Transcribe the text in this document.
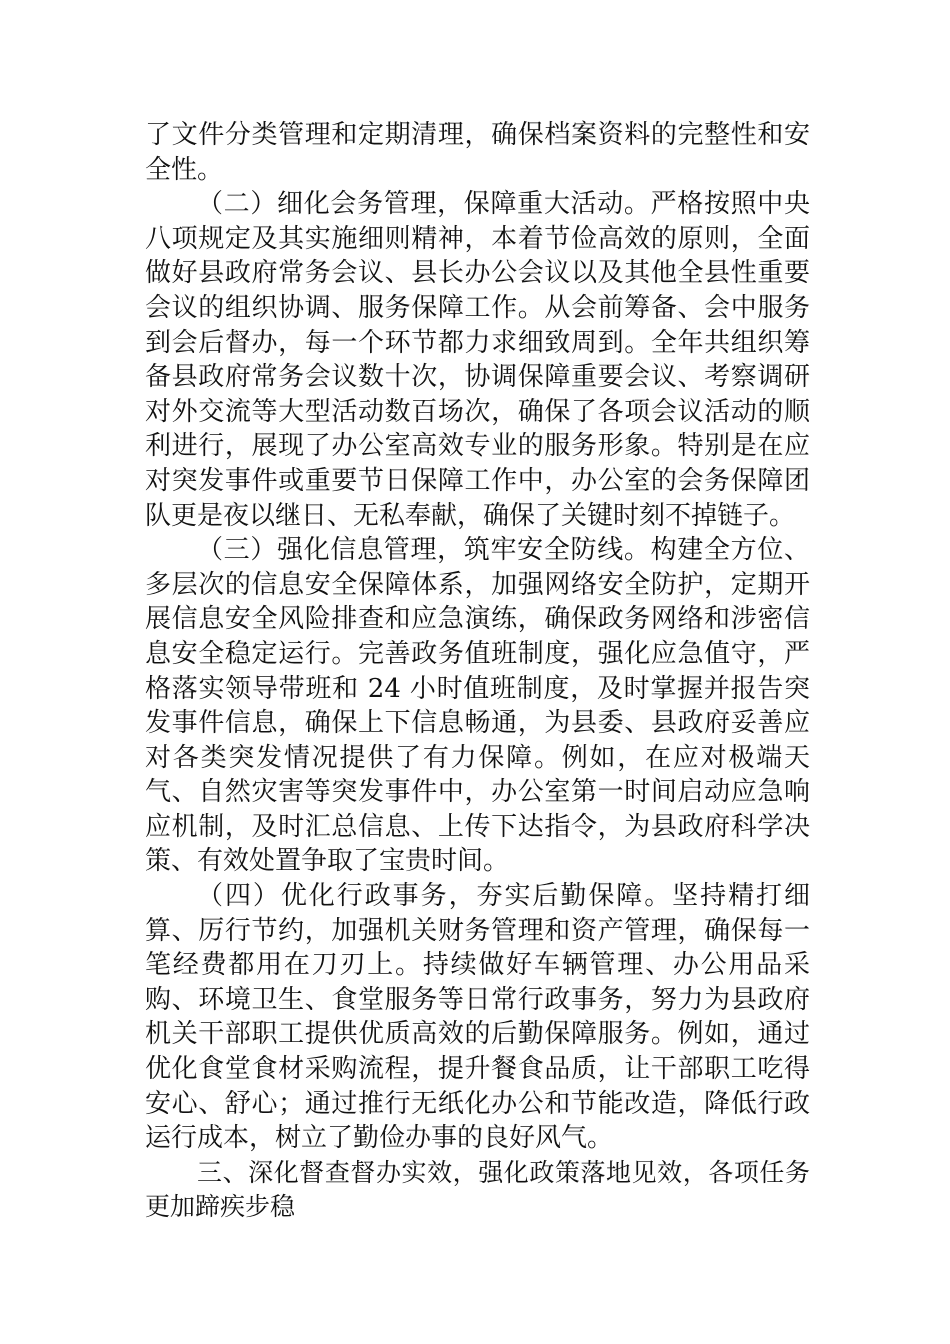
了文件分类管理和定期清理，确保档案资料的完整性和安全性。

（二）细化会务管理，保障重大活动。严格按照中央八项规定及其实施细则精神，本着节俭高效的原则，全面做好县政府常务会议、县长办公会议以及其他全县性重要会议的组织协调、服务保障工作。从会前筹备、会中服务到会后督办，每一个环节都力求细致周到。全年共组织筹备县政府常务会议数十次，协调保障重要会议、考察调研对外交流等大型活动数百场次，确保了各项会议活动的顺利进行，展现了办公室高效专业的服务形象。特别是在应对突发事件或重要节日保障工作中，办公室的会务保障团队更是夜以继日、无私奉献，确保了关键时刻不掉链子。

（三）强化信息管理，筑牢安全防线。构建全方位、多层次的信息安全保障体系，加强网络安全防护，定期开展信息安全风险排查和应急演练，确保政务网络和涉密信息安全稳定运行。完善政务值班制度，强化应急值守，严格落实领导带班和 24 小时值班制度，及时掌握并报告突发事件信息，确保上下信息畅通，为县委、县政府妥善应对各类突发情况提供了有力保障。例如，在应对极端天气、自然灾害等突发事件中，办公室第一时间启动应急响应机制，及时汇总信息、上传下达指令，为县政府科学决策、有效处置争取了宝贵时间。

（四）优化行政事务，夯实后勤保障。坚持精打细算、厉行节约，加强机关财务管理和资产管理，确保每一笔经费都用在刀刃上。持续做好车辆管理、办公用品采购、环境卫生、食堂服务等日常行政事务，努力为县政府机关干部职工提供优质高效的后勤保障服务。例如，通过优化食堂食材采购流程，提升餐食品质，让干部职工吃得安心、舒心；通过推行无纸化办公和节能改造，降低行政运行成本，树立了勤俭办事的良好风气。

三、深化督查督办实效，强化政策落地见效，各项任务更加蹄疾步稳
